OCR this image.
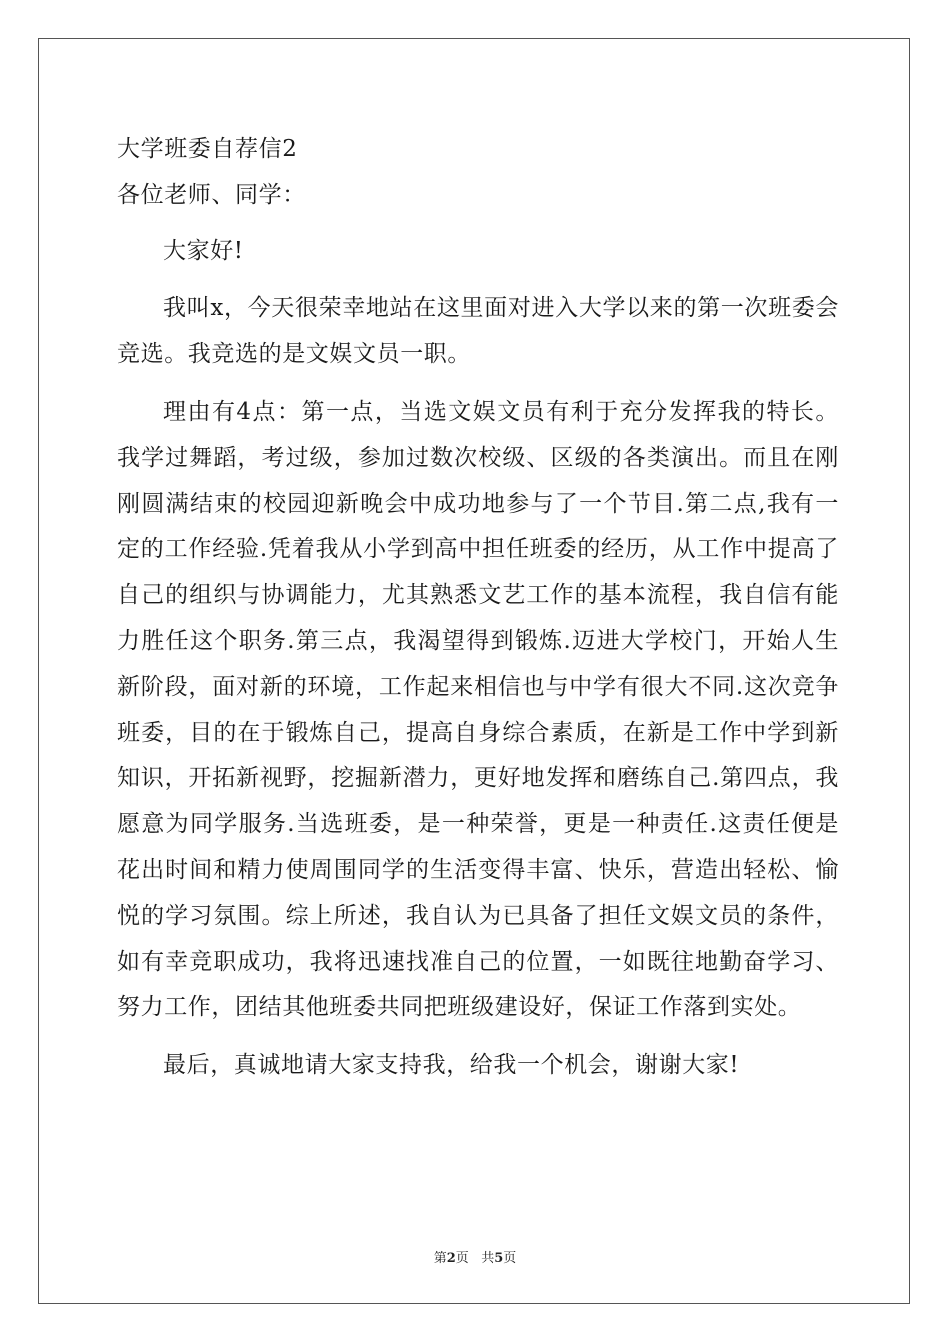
大学班委自荐信2

各位老师、同学：

大家好!

我叫x，今天很荣幸地站在这里面对进入大学以来的第一次班委会竞选。我竞选的是文娱文员一职。

理由有4点：第一点，当选文娱文员有利于充分发挥我的特长。我学过舞蹈，考过级，参加过数次校级、区级的各类演出。而且在刚刚圆满结束的校园迎新晚会中成功地参与了一个节目.第二点,我有一定的工作经验.凭着我从小学到高中担任班委的经历，从工作中提高了自己的组织与协调能力，尤其熟悉文艺工作的基本流程，我自信有能力胜任这个职务.第三点，我渴望得到锻炼.迈进大学校门，开始人生新阶段，面对新的环境，工作起来相信也与中学有很大不同.这次竞争班委，目的在于锻炼自己，提高自身综合素质，在新是工作中学到新知识，开拓新视野，挖掘新潜力，更好地发挥和磨练自己.第四点，我愿意为同学服务.当选班委，是一种荣誉，更是一种责任.这责任便是花出时间和精力使周围同学的生活变得丰富、快乐，营造出轻松、愉悦的学习氛围。综上所述，我自认为已具备了担任文娱文员的条件，如有幸竞职成功，我将迅速找准自己的位置，一如既往地勤奋学习、努力工作，团结其他班委共同把班级建设好，保证工作落到实处。

最后，真诚地请大家支持我，给我一个机会，谢谢大家!

第2页 共5页
